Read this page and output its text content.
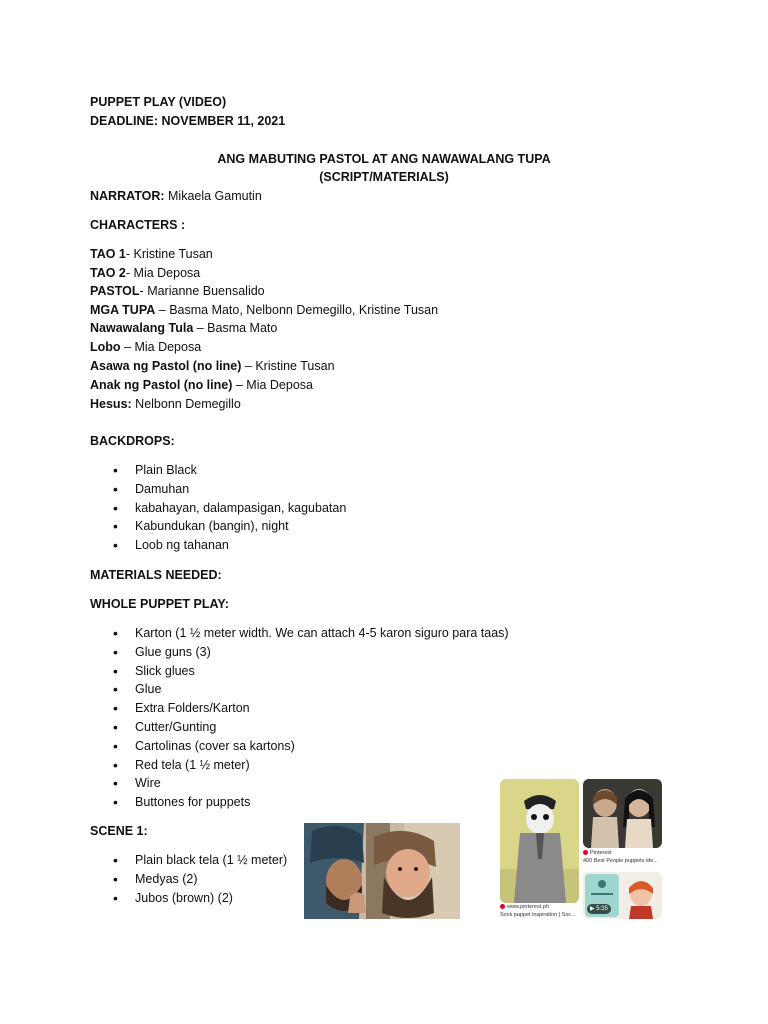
PUPPET PLAY (VIDEO)
DEADLINE: NOVEMBER 11, 2021
ANG MABUTING PASTOL AT ANG NAWAWALANG TUPA
(SCRIPT/MATERIALS)
NARRATOR: Mikaela Gamutin
CHARACTERS :
TAO 1- Kristine Tusan
TAO 2- Mia Deposa
PASTOL- Marianne Buensalido
MGA TUPA – Basma Mato, Nelbonn Demegillo, Kristine Tusan
Nawawalang Tula – Basma Mato
Lobo – Mia Deposa
Asawa ng Pastol (no line) – Kristine Tusan
Anak ng Pastol (no line) – Mia Deposa
Hesus: Nelbonn Demegillo
BACKDROPS:
• Plain Black
• Damuhan
• kabahayan, dalampasigan, kagubatan
• Kabundukan (bangin), night
• Loob ng tahanan
MATERIALS NEEDED:
WHOLE PUPPET PLAY:
• Karton (1 ½ meter width. We can attach 4-5 karon siguro para taas)
• Glue guns (3)
• Slick glues
• Glue
• Extra Folders/Karton
• Cutter/Gunting
• Cartolinas (cover sa kartons)
• Red tela (1 ½ meter)
• Wire
• Buttones for puppets
SCENE 1:
• Plain black tela (1 ½ meter)
• Medyas (2)
• Jubos (brown) (2)
www.pinterest.ph
Sock puppet inspiration | Soc...
Pinterest
400 Best People puppets ide...
▶ 5:35
